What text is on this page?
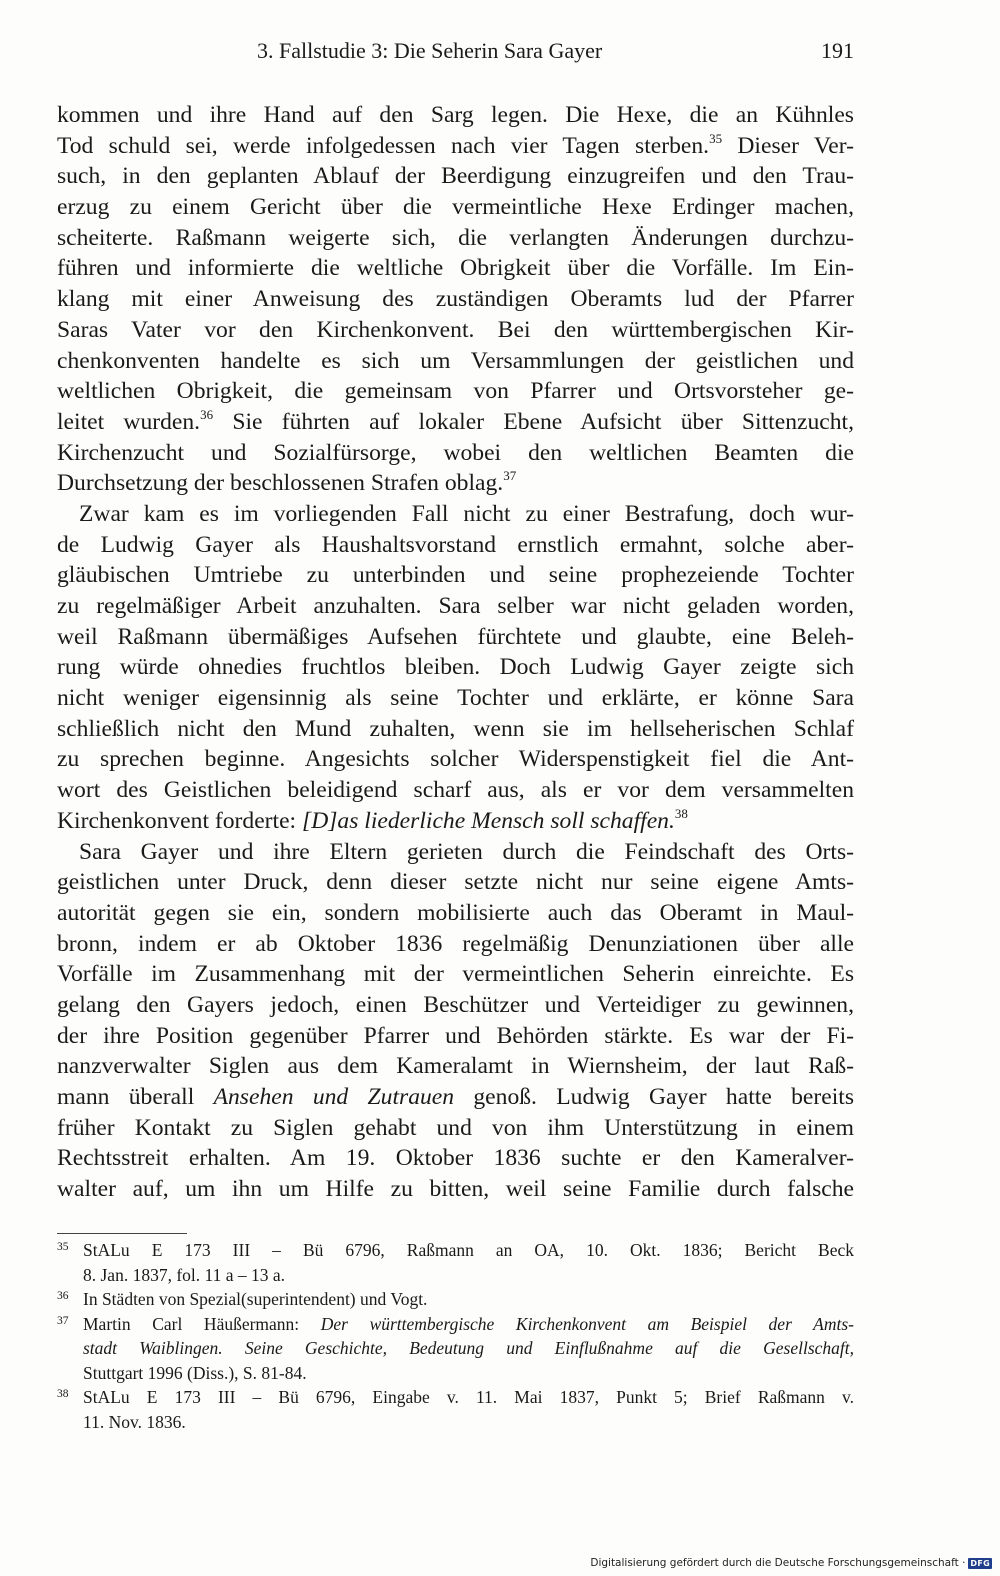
3. Fallstudie 3: Die Seherin Sara Gayer	191
kommen und ihre Hand auf den Sarg legen. Die Hexe, die an Kühnles
Tod schuld sei, werde infolgedessen nach vier Tagen sterben.$^{35}$ Dieser Ver-
such, in den geplanten Ablauf der Beerdigung einzugreifen und den Trau-
erzug zu einem Gericht über die vermeintliche Hexe Erdinger machen,
scheiterte. Raßmann weigerte sich, die verlangten Änderungen durchzu-
führen und informierte die weltliche Obrigkeit über die Vorfälle. Im Ein-
klang mit einer Anweisung des zuständigen Oberamts lud der Pfarrer
Saras Vater vor den Kirchenkonvent. Bei den württembergischen Kir-
chenkonventen handelte es sich um Versammlungen der geistlichen und
weltlichen Obrigkeit, die gemeinsam von Pfarrer und Ortsvorsteher ge-
leitet wurden.$^{36}$ Sie führten auf lokaler Ebene Aufsicht über Sittenzucht,
Kirchenzucht und Sozialfürsorge, wobei den weltlichen Beamten die
Durchsetzung der beschlossenen Strafen oblag.$^{37}$
Zwar kam es im vorliegenden Fall nicht zu einer Bestrafung, doch wur-
de Ludwig Gayer als Haushaltsvorstand ernstlich ermahnt, solche aber-
gläubischen Umtriebe zu unterbinden und seine prophezeiende Tochter
zu regelmäßiger Arbeit anzuhalten. Sara selber war nicht geladen worden,
weil Raßmann übermäßiges Aufsehen fürchtete und glaubte, eine Beleh-
rung würde ohnedies fruchtlos bleiben. Doch Ludwig Gayer zeigte sich
nicht weniger eigensinnig als seine Tochter und erklärte, er könne Sara
schließlich nicht den Mund zuhalten, wenn sie im hellseherischen Schlaf
zu sprechen beginne. Angesichts solcher Widerspenstigkeit fiel die Ant-
wort des Geistlichen beleidigend scharf aus, als er vor dem versammelten
Kirchenkonvent forderte: [D]as liederliche Mensch soll schaffen.$^{38}$
Sara Gayer und ihre Eltern gerieten durch die Feindschaft des Orts-
geistlichen unter Druck, denn dieser setzte nicht nur seine eigene Amts-
autorität gegen sie ein, sondern mobilisierte auch das Oberamt in Maul-
bronn, indem er ab Oktober 1836 regelmäßig Denunziationen über alle
Vorfälle im Zusammenhang mit der vermeintlichen Seherin einreichte. Es
gelang den Gayers jedoch, einen Beschützer und Verteidiger zu gewinnen,
der ihre Position gegenüber Pfarrer und Behörden stärkte. Es war der Fi-
nanzverwalter Siglen aus dem Kameralamt in Wiernsheim, der laut Raß-
mann überall Ansehen und Zutrauen genoß. Ludwig Gayer hatte bereits
früher Kontakt zu Siglen gehabt und von ihm Unterstützung in einem
Rechtsstreit erhalten. Am 19. Oktober 1836 suchte er den Kameralver-
walter auf, um ihn um Hilfe zu bitten, weil seine Familie durch falsche
35 StALu E 173 III – Bü 6796, Raßmann an OA, 10. Okt. 1836; Bericht Beck
8. Jan. 1837, fol. 11 a – 13 a.
36 In Städten von Spezial(superintendent) und Vogt.
37 Martin Carl Häußermann: Der württembergische Kirchenkonvent am Beispiel der Amts-
stadt Waiblingen. Seine Geschichte, Bedeutung und Einflußnahme auf die Gesellschaft,
Stuttgart 1996 (Diss.), S. 81-84.
38 StALu E 173 III – Bü 6796, Eingabe v. 11. Mai 1837, Punkt 5; Brief Raßmann v.
11. Nov. 1836.
Digitalisierung gefördert durch die Deutsche Forschungsgemeinschaft · DFG
